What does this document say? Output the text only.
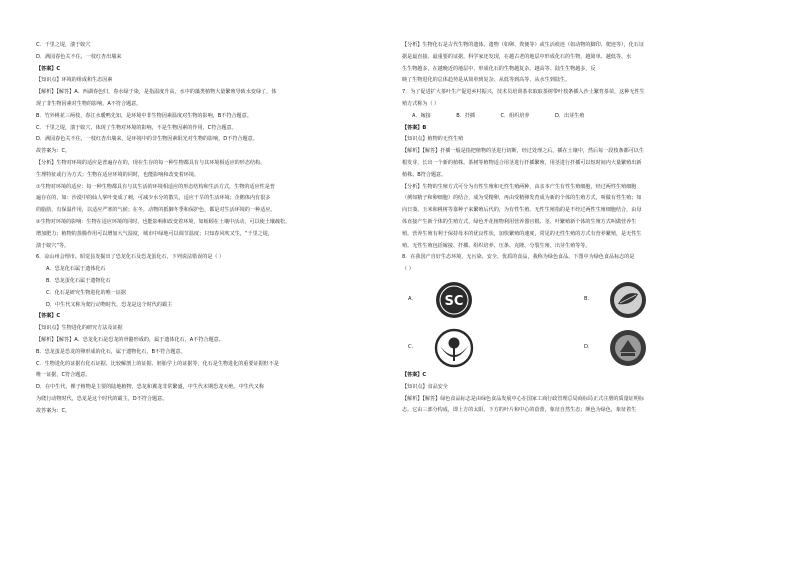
C．千里之堤，溃于蚁穴
D．满园春色关不住，一枝红杏出墙来
【答案】C
【知识点】环境的组成和生态因素
【解析】【解答】A．西湖春色归，春水绿于染，是指温度升高，水中的藻类植物大量繁殖导致水变绿了，体
现了非生物因素对生物的影响，A不符合题意。
B．竹外桃花三两枝，春江水暖鸭先知，是环境中非生物因素温度对生物的影响，B不符合题意。
C．千里之堤，溃于蚁穴，体现了生物对环境的影响，不是生物因素的作用，C符合题意。
D．满园春色关不住，一枝红杏出墙来，是环境中的非生物因素阳光对生物的影响，D不符合题意。
故答案为：C。
【分析】生物对环境的适应是普遍存在的，现在生存的每一种生物都具有与其环境相适应的形态结构、
生理特征或行为方式；生物在适应环境的同时，也能影响和改变着环境。
①生物对环境的适应：每一种生物都具有与其生活的环境相适应的形态结构和生活方式，生物的适应性是普
遍存在的，如：沙漠中的仙人掌叶变成了刺，可减少水分的散失，适应干旱的生活环境；企鹅体内有很多
的脂肪，有保温作用，以适应严寒的气候；在冬，动物的抵御冬季和保护色，都是对生活环境的一种适应。
②生物对环境的影响：生物在适应环境的同时，也能影响和改变着环境，如蚯蚓在土壤中活动，可以使土壤疏松，
增加肥力；植物的蒸腾作用可以增加大气湿度，城市中绿地可以调节温度；只知春风吹又生，“千里之堤，
溃于蚁穴”等。
6．凉山州会理市、昭觉县发掘出了恐龙化石及恐龙蛋化石，下列说法错误的是（ ）
A．恐龙化石属于遗体化石
B．恐龙蛋化石属于遗物化石
C．化石是研究生物进化的唯一证据
D．中生代又称为爬行动物时代，恐龙是这个时代的霸主
【答案】C
【知识点】生物进化的研究方法及证据
【解析】【解答】A．恐龙化石是恐龙的骨骼形成的，属于遗体化石，A不符合题意。
B．恐龙蛋是恐龙的卵形成的化石，属于遗物化石，B不符合题意。
C．生物进化的证据有化石证据、比较解剖上的证据、胚胎学上的证据等，化石是生物进化的重要证据但不是
唯一证据，C符合题意。
D．在中生代，裸子植物是主要的陆地植物，恐龙和翼龙非常繁盛，中生代末期恐龙灭绝。中生代又称
为爬行动物时代，恐龙是这个时代的霸主，D不符合题意。
故答案为：C。
【分析】生物化石是古代生物的遗体、遗物（如卵、粪便等）或生活痕迹（如动物的脚印、爬迹等），化石证
据是最直接、最重要的证据。科学家还发现，在越古老的地层中形成化石的生物，越简单、越低等、水
生生物越多，在越晚近的地层中，形成化石的生物越复杂、越高等、陆生生物越多，反
映了生物进化的总体趋势是从简单到复杂、从低等到高等、从水生到陆生。
7．为了促进扩大茶叶生产促进乡村振兴，技术员培训茶农取取茶树带叶枝条插入沙土繁育茶苗，这种无性生
殖方式称为（ ）
A．嫁接　　　　　B．扦插　　　　　C．组织培养　　　　　D．出芽生殖
【答案】B
【知识点】植物的无性生殖
【解析】【解答】扦插一般是指把植物的茎进行切断，经过处理之后，插在土壤中，然后每一段枝条都可以生
根发芽，长出一个新的植株。茶树等植物适合用茎进行扦插繁殖，用茎进行扦插可以短时间内大量繁殖出新
植株。B符合题意。
【分析】生物的生殖方式可分为有性生殖和无性生殖两种，由亲本产生有性生殖细胞，经过两性生殖细胞
（例如精子和卵细胞）的结合，成为受精卵，再由受精卵发育成为新的个体的生殖方式，叫做有性生殖；如
向日葵、玉米和桃树等靠种子来繁殖后代的，为有性生殖。无性生殖指的是不经过两性生殖细胞结合，由母
体直接产生新个体的生殖方式，绿色开花植物利用营养器官根、茎、叶繁殖新个体的生殖方式叫做营养生
殖。营养生殖有利于保持母本的优良性状，加快繁殖的速度，常见的无性生殖的方式有营养繁殖，是无性生
殖。无性生殖包括嫁接、扦插、组织培养、压条、克隆、分裂生殖、出芽生殖等等。
8．在我国产自好生态环境，无污染、安全、优质的食品，我称为绿色食品。下图中为绿色食品标志的是
（ ）
A． SC	B．
C．	D．
【答案】C
【知识点】食品安全
【解析】【解答】绿色食品标志是由绿色食品发展中心在国家工商行政管理总局商标局正式注册的质量证明标
志。它由三部分构成，即上方的太阳、下方的叶片和中心的蓓蕾，象征自然生态；颜色为绿色，象征着生
